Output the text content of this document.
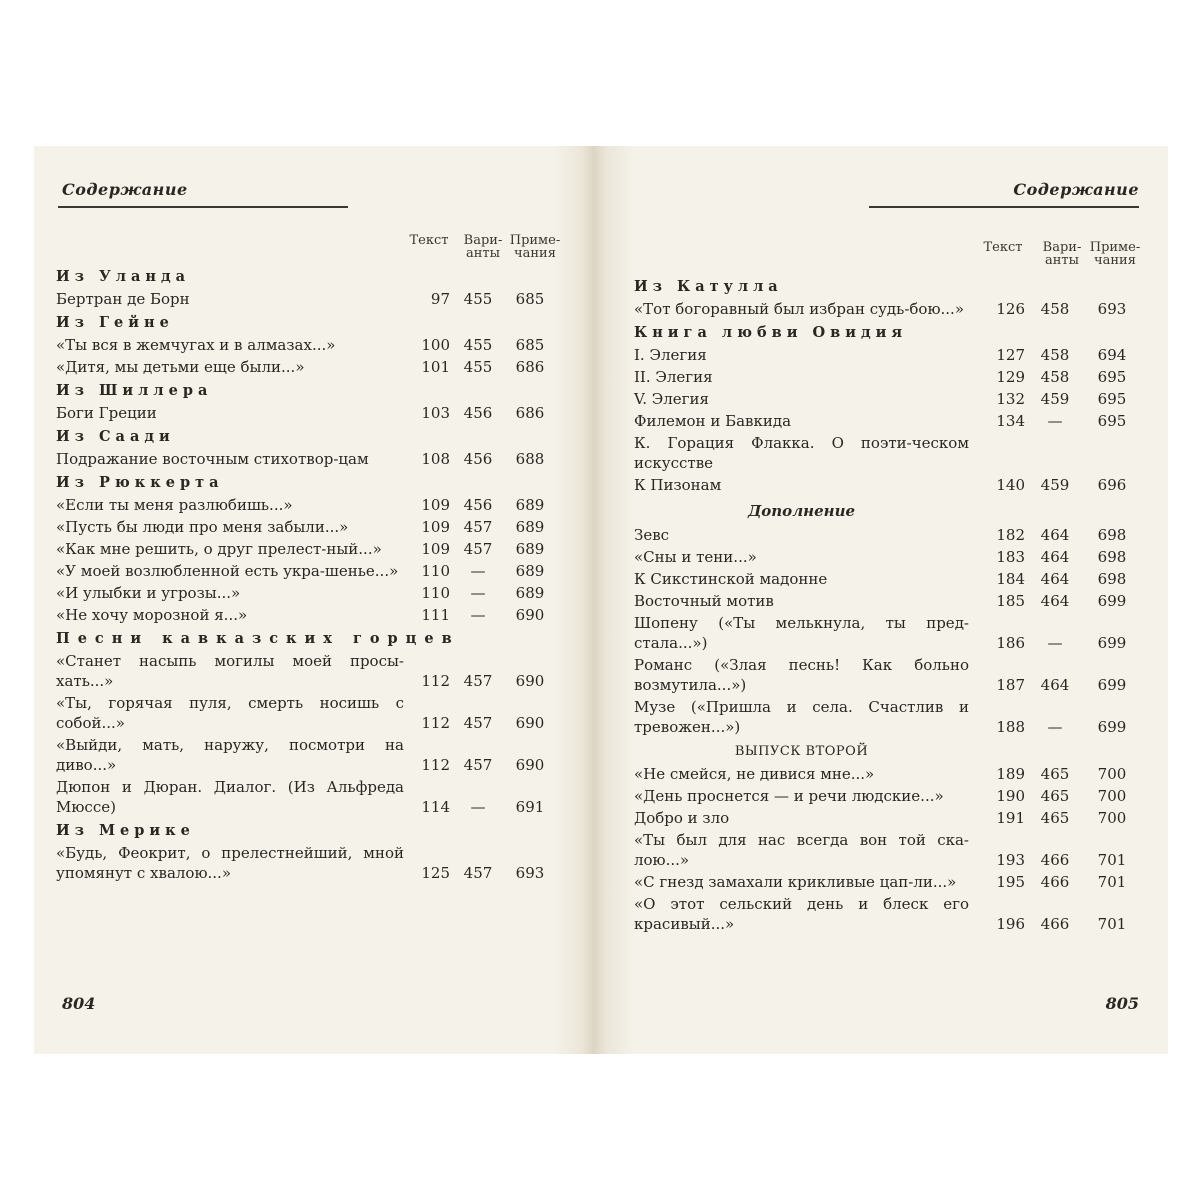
Содержание
Текст	Вари-
анты
Приме-
чания
Из Уланда
Бертран де Борн	97 455	685
Из Гейне
«Ты вся в жемчугах и в алмазах...»	100 455	685
«Дитя, мы детьми еще были...»	101 455	686
Из Шиллера
Боги Греции	103 456	686
Из Саади
Подражание восточным стихотвор-цам	108 456	688
Из Рюккерта
«Если ты меня разлюбишь...»	109 456	689
«Пусть бы люди про меня забыли...»	109 457	689
«Как мне решить, о друг прелест-ный...»	109 457	689
«У моей возлюбленной есть укра-шенье...»	110	—	689
«И улыбки и угрозы...»	110	—	689
«Не хочу морозной я...»	111	—	690
Песни кавказских горцев
«Станет насыпь могилы моей просы-хать...»	112 457	690
«Ты, горячая пуля, смерть носишь с собой...»	112 457	690
«Выйди, мать, наружу, посмотри на диво...»	112 457	690
Дюпон и Дюран. Диалог. (Из Альфреда Мюссе)	114	—	691
Из Мерике
«Будь, Феокрит, о прелестнейший, мной упомянут с хвалою...»	125 457	693
804
Содержание
Текст	Вари-
анты
Приме-
чания
Из Катулла
«Тот богоравный был избран судь-бою...»	126	458	693
Книга любви Овидия
I. Элегия	127	458	694
II. Элегия	129	458	695
V. Элегия	132	459	695
Филемон и Бавкида	134	—	695
К. Горация Флакка. О поэти-ческом искусстве
К Пизонам	140	459	696
Дополнение
Зевс	182	464	698
«Сны и тени...»	183	464	698
К Сикстинской мадонне	184	464	698
Восточный мотив	185	464	699
Шопену («Ты мелькнула, ты пред-стала...»)	186	—	699
Романс («Злая песнь! Как больно возмутила...»)	187	464	699
Музе («Пришла и села. Счастлив и тревожен...»)	188	—	699
ВЫПУСК ВТОРОЙ
«Не смейся, не дивися мне...»	189	465	700
«День проснется — и речи людские...»	190	465	700
Добро и зло	191	465	700
«Ты был для нас всегда вон той ска-лою...»	193	466	701
«С гнезд замахали крикливые цап-ли...»	195	466	701
«О этот сельский день и блеск его красивый...»	196	466	701
805
